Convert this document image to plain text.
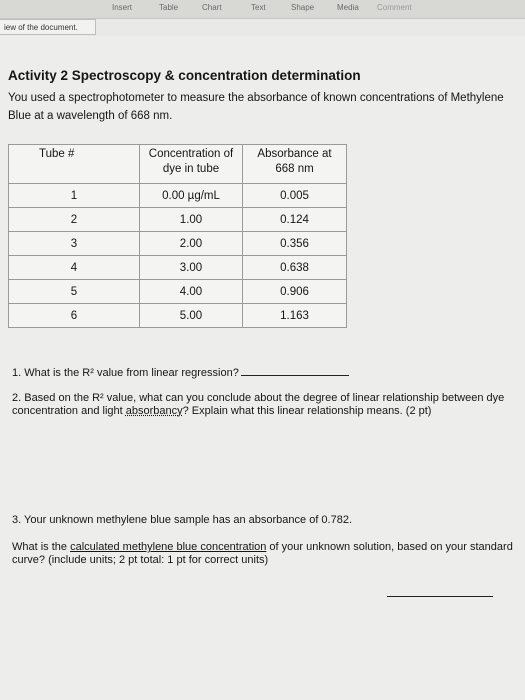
Insert	Table	Chart	Text	Shape	Media Comment
iew of the document.
Activity 2 Spectroscopy & concentration determination
You used a spectrophotometer to measure the absorbance of known concentrations of Methylene Blue at a wavelength of 668 nm.
Tube #	Concentration of dye in tube	Absorbance at 668 nm

1	0.00 µg/mL	0.005
2	1.00	0.124
3	2.00	0.356
4	3.00	0.638
5	4.00	0.906
6	5.00	1.163
1. What is the R² value from linear regression?
2. Based on the R² value, what can you conclude about the degree of linear relationship between dye concentration and light absorbancy? Explain what this linear relationship means. (2 pt)
3. Your unknown methylene blue sample has an absorbance of 0.782.
What is the calculated methylene blue concentration of your unknown solution, based on your standard curve? (include units; 2 pt total: 1 pt for correct units)
